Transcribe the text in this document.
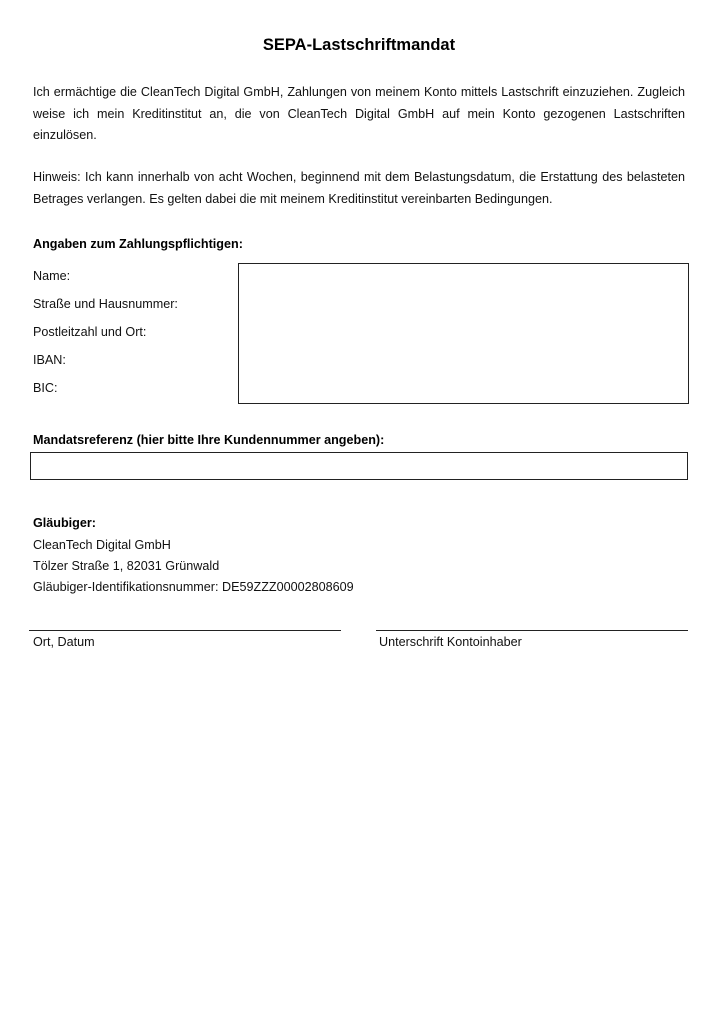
SEPA-Lastschriftmandat

Ich ermächtige die CleanTech Digital GmbH, Zahlungen von meinem Konto mittels Lastschrift einzuziehen. Zugleich weise ich mein Kreditinstitut an, die von CleanTech Digital GmbH auf mein Konto gezogenen Lastschriften einzulösen.

Hinweis: Ich kann innerhalb von acht Wochen, beginnend mit dem Belastungsdatum, die Erstattung des belasteten Betrages verlangen. Es gelten dabei die mit meinem Kreditinstitut vereinbarten Bedingungen.

Angaben zum Zahlungspflichtigen:
Name:
Straße und Hausnummer:
Postleitzahl und Ort:
IBAN:
BIC:
Mandatsreferenz (hier bitte Ihre Kundennummer angeben):
Gläubiger:
CleanTech Digital GmbH
Tölzer Straße 1, 82031 Grünwald
Gläubiger-Identifikationsnummer: DE59ZZZ00002808609
Ort, Datum	Unterschrift Kontoinhaber
